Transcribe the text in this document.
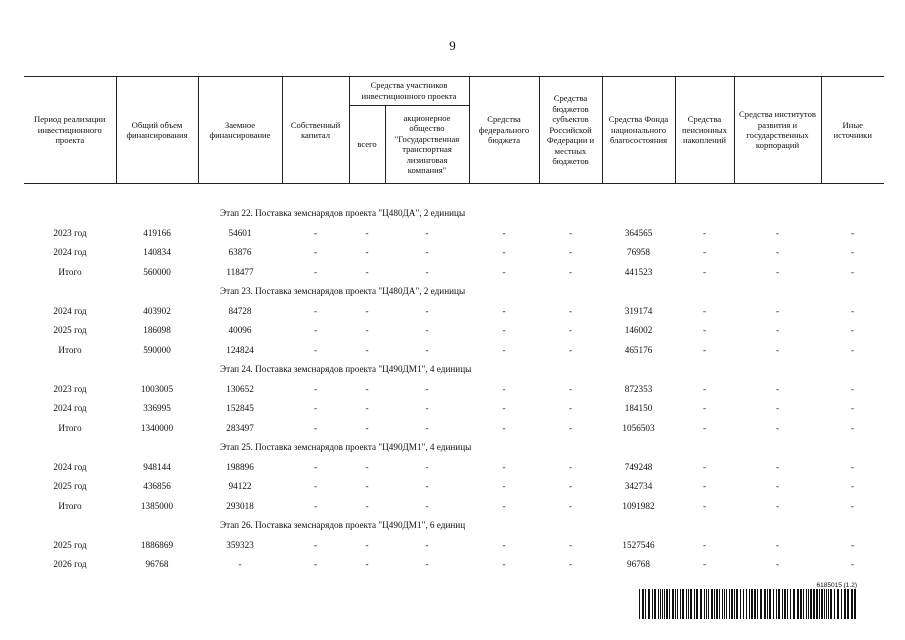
9
Период реализации инвестиционного проекта	Общий объем финансирования	Заемное финансирование	Собственный капитал	Средства участников инвестиционного проекта		Средства федерального бюджета	Средства бюджетов субъектов Российской Федерации и местных бюджетов	Средства Фонда национального благосостояния	Средства пенсионных накоплений	Средства институтов развития и государственных корпораций	Иные источники
				всего	акционерное общество "Государственная транспортная лизинговая компания"						

	Этап 22. Поставка земснарядов проекта "Ц480ДА", 2 единицы										
2023 год	419166	54601	-	-	-	-	-	364565	-	-	-
2024 год	140834	63876	-	-	-	-	-	76958	-	-	-
Итого	560000	118477	-	-	-	-	-	441523	-	-	-
	Этап 23. Поставка земснарядов проекта "Ц480ДА", 2 единицы										
2024 год	403902	84728	-	-	-	-	-	319174	-	-	-
2025 год	186098	40096	-	-	-	-	-	146002	-	-	-
Итого	590000	124824	-	-	-	-	-	465176	-	-	-
	Этап 24. Поставка земснарядов проекта "Ц490ДМ1", 4 единицы										
2023 год	1003005	130652	-	-	-	-	-	872353	-	-	-
2024 год	336995	152845	-	-	-	-	-	184150	-	-	-
Итого	1340000	283497	-	-	-	-	-	1056503	-	-	-
	Этап 25. Поставка земснарядов проекта "Ц490ДМ1", 4 единицы										
2024 год	948144	198896	-	-	-	-	-	749248	-	-	-
2025 год	436856	94122	-	-	-	-	-	342734	-	-	-
Итого	1385000	293018	-	-	-	-	-	1091982	-	-	-
	Этап 26. Поставка земснарядов проекта "Ц490ДМ1", 6 единиц										
2025 год	1886869	359323	-	-	-	-	-	1527546	-	-	-
2026 год	96768	-	-	-	-	-	-	96768	-	-	-
6185015 (1.2)
